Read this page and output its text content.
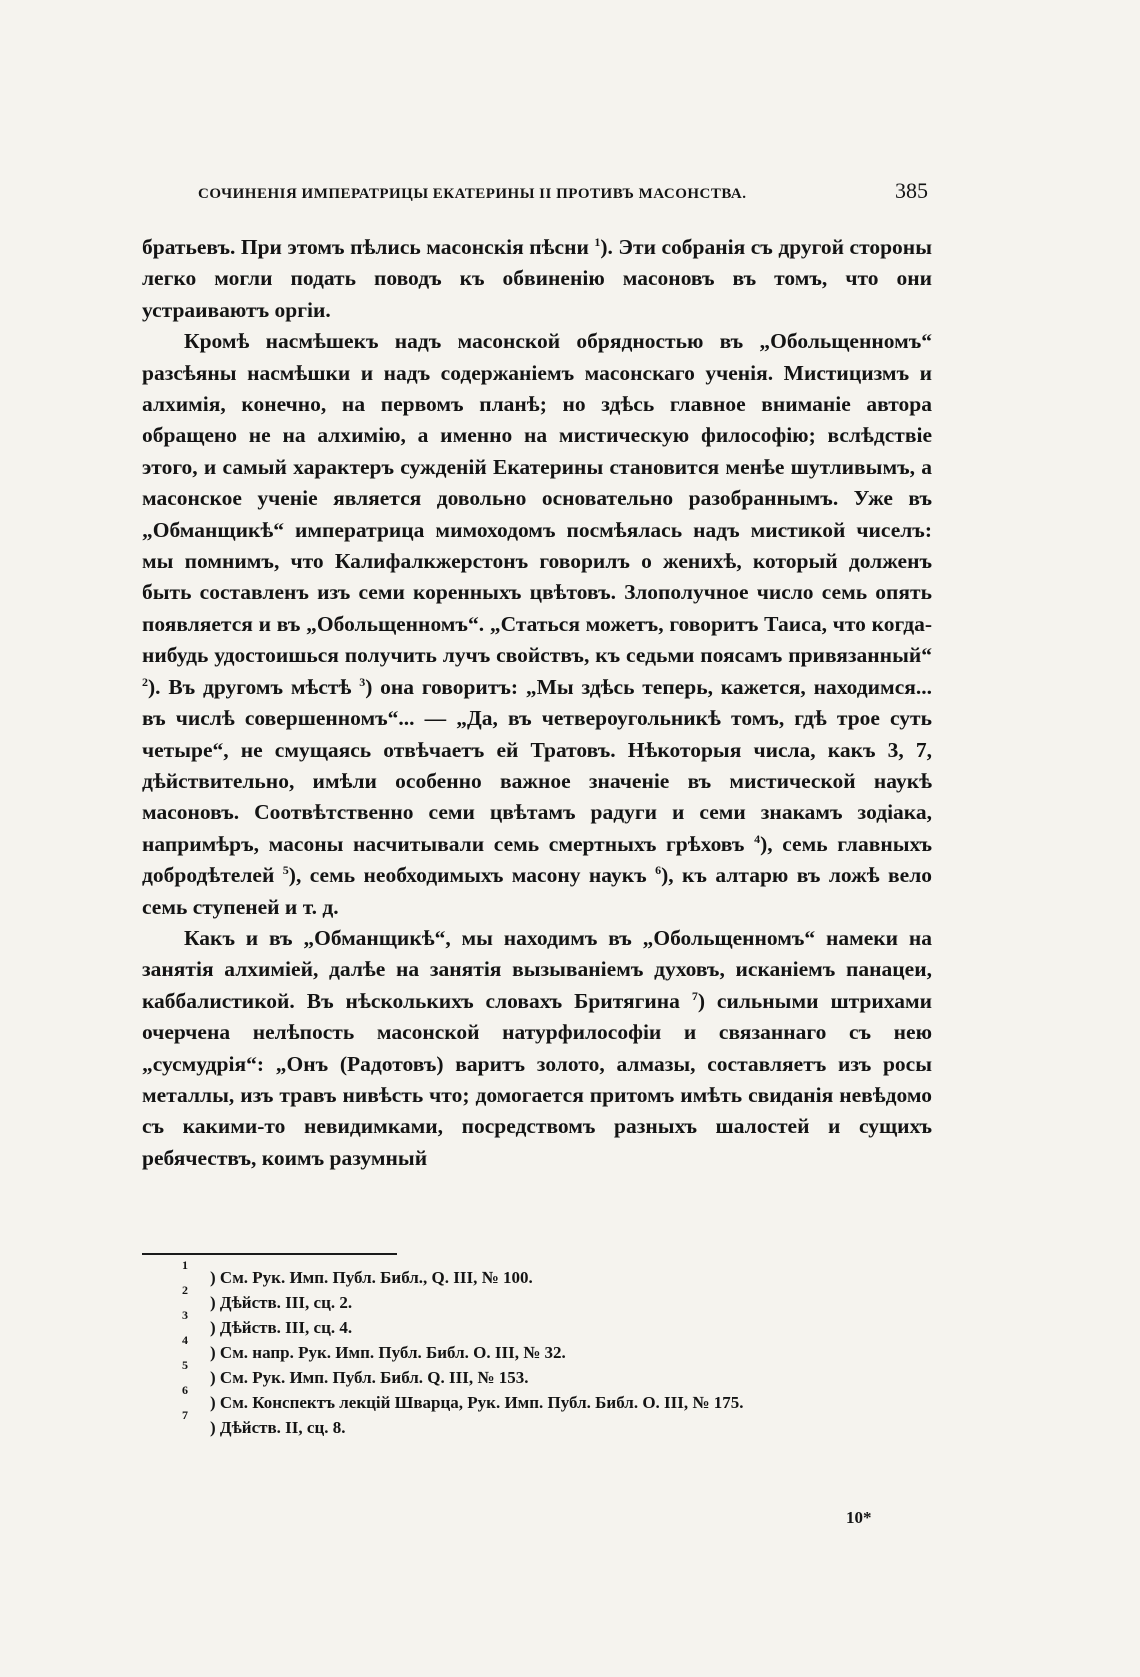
СОЧИНЕНІЯ ИМПЕРАТРИЦЫ ЕКАТЕРИНЫ II ПРОТИВЪ МАСОНСТВА.	385

братьевъ. При этомъ пѣлись масонскія пѣсни $^1$). Эти собранія съ другой стороны легко могли подать поводъ къ обвиненію масоновъ въ томъ, что они устраиваютъ оргіи.

Кромѣ насмѣшекъ надъ масонской обрядностью въ „Обольщенномъ“ разсѣяны насмѣшки и надъ содержаніемъ масонскаго ученія. Мистицизмъ и алхимія, конечно, на первомъ планѣ; но здѣсь главное вниманіе автора обращено не на алхимію, а именно на мистическую философію; вслѣдствіе этого, и самый характеръ сужденій Екатерины становится менѣе шутливымъ, а масонское ученіе является довольно основательно разобраннымъ. Уже въ „Обманщикѣ“ императрица мимоходомъ посмѣялась надъ мистикой чиселъ: мы помнимъ, что Калифалкжерстонъ говорилъ о женихѣ, который долженъ быть составленъ изъ семи коренныхъ цвѣтовъ. Злополучное число семь опять появляется и въ „Обольщенномъ“. „Статься можетъ, говоритъ Таиса, что когда-нибудь удостоишься получить лучъ свойствъ, къ седьми поясамъ привязанный“ $^2$). Въ другомъ мѣстѣ $^3$) она говоритъ: „Мы здѣсь теперь, кажется, находимся... въ числѣ совершенномъ“... — „Да, въ четвероугольникѣ томъ, гдѣ трое суть четыре“, не смущаясь отвѣчаетъ ей Тратовъ. Нѣкоторыя числа, какъ 3, 7, дѣйствительно, имѣли особенно важное значеніе въ мистической наукѣ масоновъ. Соотвѣтственно семи цвѣтамъ радуги и семи знакамъ зодіака, напримѣръ, масоны насчитывали семь смертныхъ грѣховъ $^4$), семь главныхъ добродѣтелей $^5$), семь необходимыхъ масону наукъ $^6$), къ алтарю въ ложѣ вело семь ступеней и т. д.

Какъ и въ „Обманщикѣ“, мы находимъ въ „Обольщенномъ“ намеки на занятія алхиміей, далѣе на занятія вызываніемъ духовъ, исканіемъ панацеи, каббалистикой. Въ нѣсколькихъ словахъ Бритягина $^7$) сильными штрихами очерчена нелѣпость масонской натурфилософіи и связаннаго съ нею „сусмудрія“: „Онъ (Радотовъ) варитъ золото, алмазы, составляетъ изъ росы металлы, изъ травъ нивѣсть что; домогается притомъ имѣть свиданія невѣдомо съ какими-то невидимками, посредствомъ разныхъ шалостей и сущихъ ребячествъ, коимъ разумный

1
) См. Рук. Имп. Публ. Библ., Q. III, № 100.
2
) Дѣйств. III, сц. 2.
3
) Дѣйств. III, сц. 4.
4
) См. напр. Рук. Имп. Публ. Библ. О. III, № 32.
5
) См. Рук. Имп. Публ. Библ. Q. III, № 153.
6
) См. Конспектъ лекцій Шварца, Рук. Имп. Публ. Библ. О. III, № 175.
7
) Дѣйств. II, сц. 8.
10*
